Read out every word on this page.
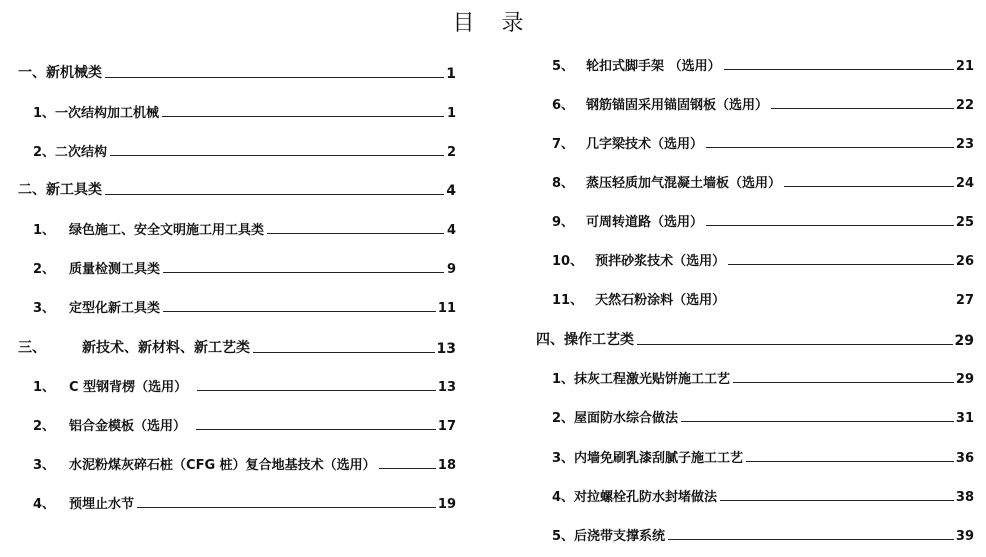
目 录
一、 新机械类	1
1、 一次结构加工机械	1
2、 二次结构	2
二、 新工具类	4
1、 绿色施工、安全文明施工用工具类	4
2、 质量检测工具类	9
3、 定型化新工具类	11
三、	新技术、新材料、新工艺类	13
1、 C 型钢背楞（选用）	13
2、 铝合金模板（选用）	17
3、 水泥粉煤灰碎石桩（CFG 桩）复合地基技术（选用）	18
4、 预埋止水节	19
5、 轮扣式脚手架 （选用）	21
6、 钢筋锚固采用锚固钢板（选用）	22
7、 几字梁技术（选用）	23
8、 蒸压轻质加气混凝土墙板（选用）	24
9、 可周转道路（选用）	25
10、 预拌砂浆技术（选用）	26
11、 天然石粉涂料（选用）	27
四、 操作工艺类	29
1、 抹灰工程激光贴饼施工工艺	29
2、 屋面防水综合做法	31
3、 内墙免刷乳漆刮腻子施工工艺	36
4、 对拉螺栓孔防水封堵做法	38
5、 后浇带支撑系统	39
